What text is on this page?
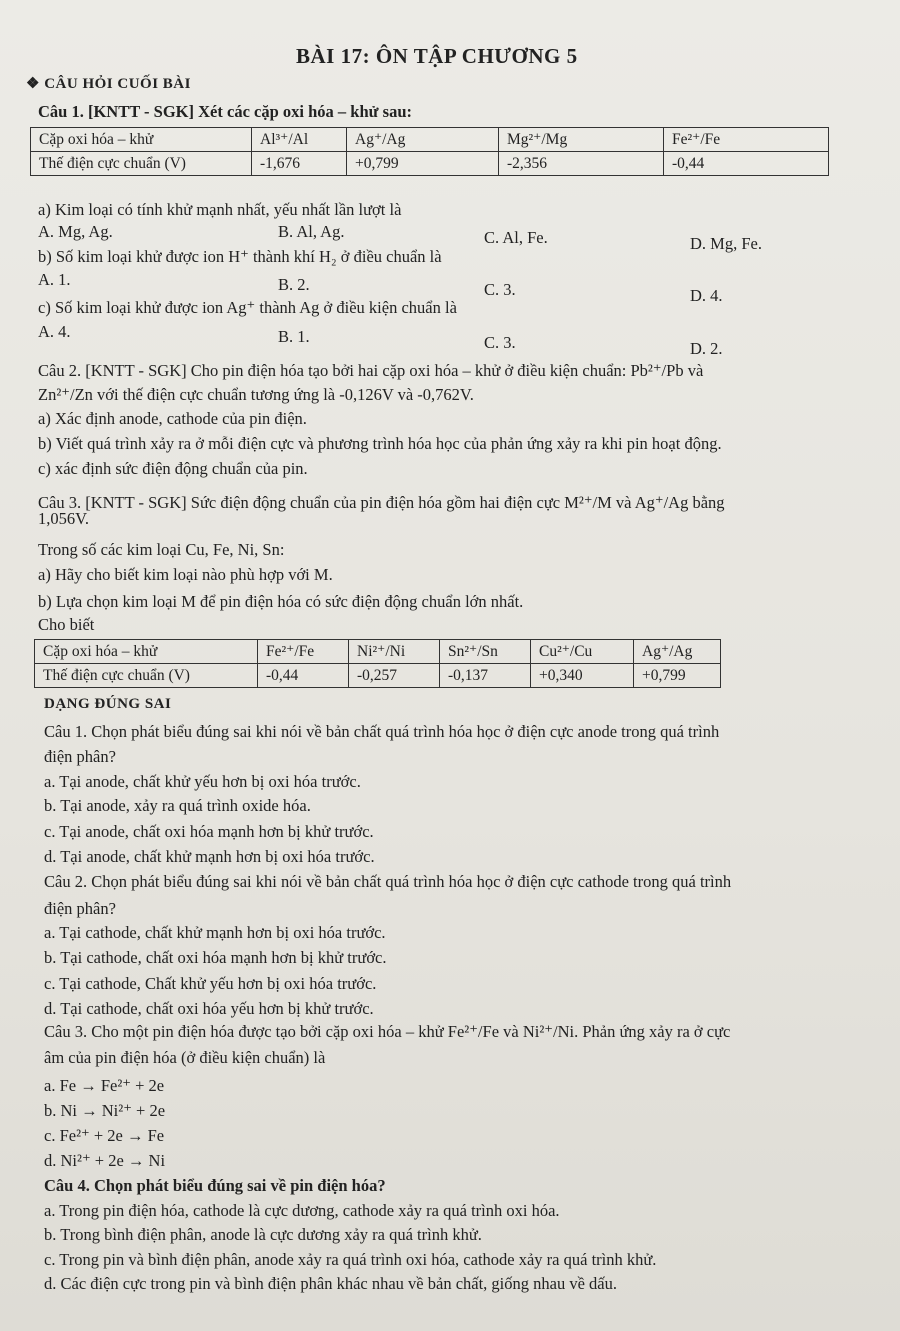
BÀI 17: ÔN TẬP CHƯƠNG 5
❖ CÂU HỎI CUỐI BÀI
Câu 1. [KNTT - SGK] Xét các cặp oxi hóa – khử sau:
Cặp oxi hóa – khử	Al³⁺/Al	Ag⁺/Ag	Mg²⁺/Mg	Fe²⁺/Fe
Thế điện cực chuẩn (V)	-1,676	+0,799	-2,356	-0,44
a) Kim loại có tính khử mạnh nhất, yếu nhất lần lượt là
A. Mg, Ag.	B. Al, Ag.	C. Al, Fe.	D. Mg, Fe.
b) Số kim loại khử được ion H⁺ thành khí H₂ ở điều chuẩn là
A. 1.	B. 2.	C. 3.	D. 4.
c) Số kim loại khử được ion Ag⁺ thành Ag ở điều kiện chuẩn là
A. 4.	B. 1.	C. 3.	D. 2.
Câu 2. [KNTT - SGK] Cho pin điện hóa tạo bởi hai cặp oxi hóa – khử ở điều kiện chuẩn: Pb²⁺/Pb và
Zn²⁺/Zn với thế điện cực chuẩn tương ứng là -0,126V và -0,762V.
a) Xác định anode, cathode của pin điện.
b) Viết quá trình xảy ra ở mỗi điện cực và phương trình hóa học của phản ứng xảy ra khi pin hoạt động.
c) xác định sức điện động chuẩn của pin.
Câu 3. [KNTT - SGK] Sức điện động chuẩn của pin điện hóa gồm hai điện cực M²⁺/M và Ag⁺/Ag bằng
1,056V.
Trong số các kim loại Cu, Fe, Ni, Sn:
a) Hãy cho biết kim loại nào phù hợp với M.
b) Lựa chọn kim loại M để pin điện hóa có sức điện động chuẩn lớn nhất.
Cho biết
Cặp oxi hóa – khử	Fe²⁺/Fe	Ni²⁺/Ni	Sn²⁺/Sn	Cu²⁺/Cu	Ag⁺/Ag
Thế điện cực chuẩn (V)	-0,44	-0,257	-0,137	+0,340	+0,799
DẠNG ĐÚNG SAI
Câu 1. Chọn phát biểu đúng sai khi nói về bản chất quá trình hóa học ở điện cực anode trong quá trình
điện phân?
a. Tại anode, chất khử yếu hơn bị oxi hóa trước.
b. Tại anode, xảy ra quá trình oxide hóa.
c. Tại anode, chất oxi hóa mạnh hơn bị khử trước.
d. Tại anode, chất khử mạnh hơn bị oxi hóa trước.
Câu 2. Chọn phát biểu đúng sai khi nói về bản chất quá trình hóa học ở điện cực cathode trong quá trình
điện phân?
a. Tại cathode, chất khử mạnh hơn bị oxi hóa trước.
b. Tại cathode, chất oxi hóa mạnh hơn bị khử trước.
c. Tại cathode, Chất khử yếu hơn bị oxi hóa trước.
d. Tại cathode, chất oxi hóa yếu hơn bị khử trước.
Câu 3. Cho một pin điện hóa được tạo bởi cặp oxi hóa – khử Fe²⁺/Fe và Ni²⁺/Ni. Phản ứng xảy ra ở cực
âm của pin điện hóa (ở điều kiện chuẩn) là
a. Fe → Fe²⁺ + 2e
b. Ni → Ni²⁺ + 2e
c. Fe²⁺ + 2e → Fe
d. Ni²⁺ + 2e → Ni
Câu 4. Chọn phát biểu đúng sai về pin điện hóa?
a. Trong pin điện hóa, cathode là cực dương, cathode xảy ra quá trình oxi hóa.
b. Trong bình điện phân, anode là cực dương xảy ra quá trình khử.
c. Trong pin và bình điện phân, anode xảy ra quá trình oxi hóa, cathode xảy ra quá trình khử.
d. Các điện cực trong pin và bình điện phân khác nhau về bản chất, giống nhau về dấu.
